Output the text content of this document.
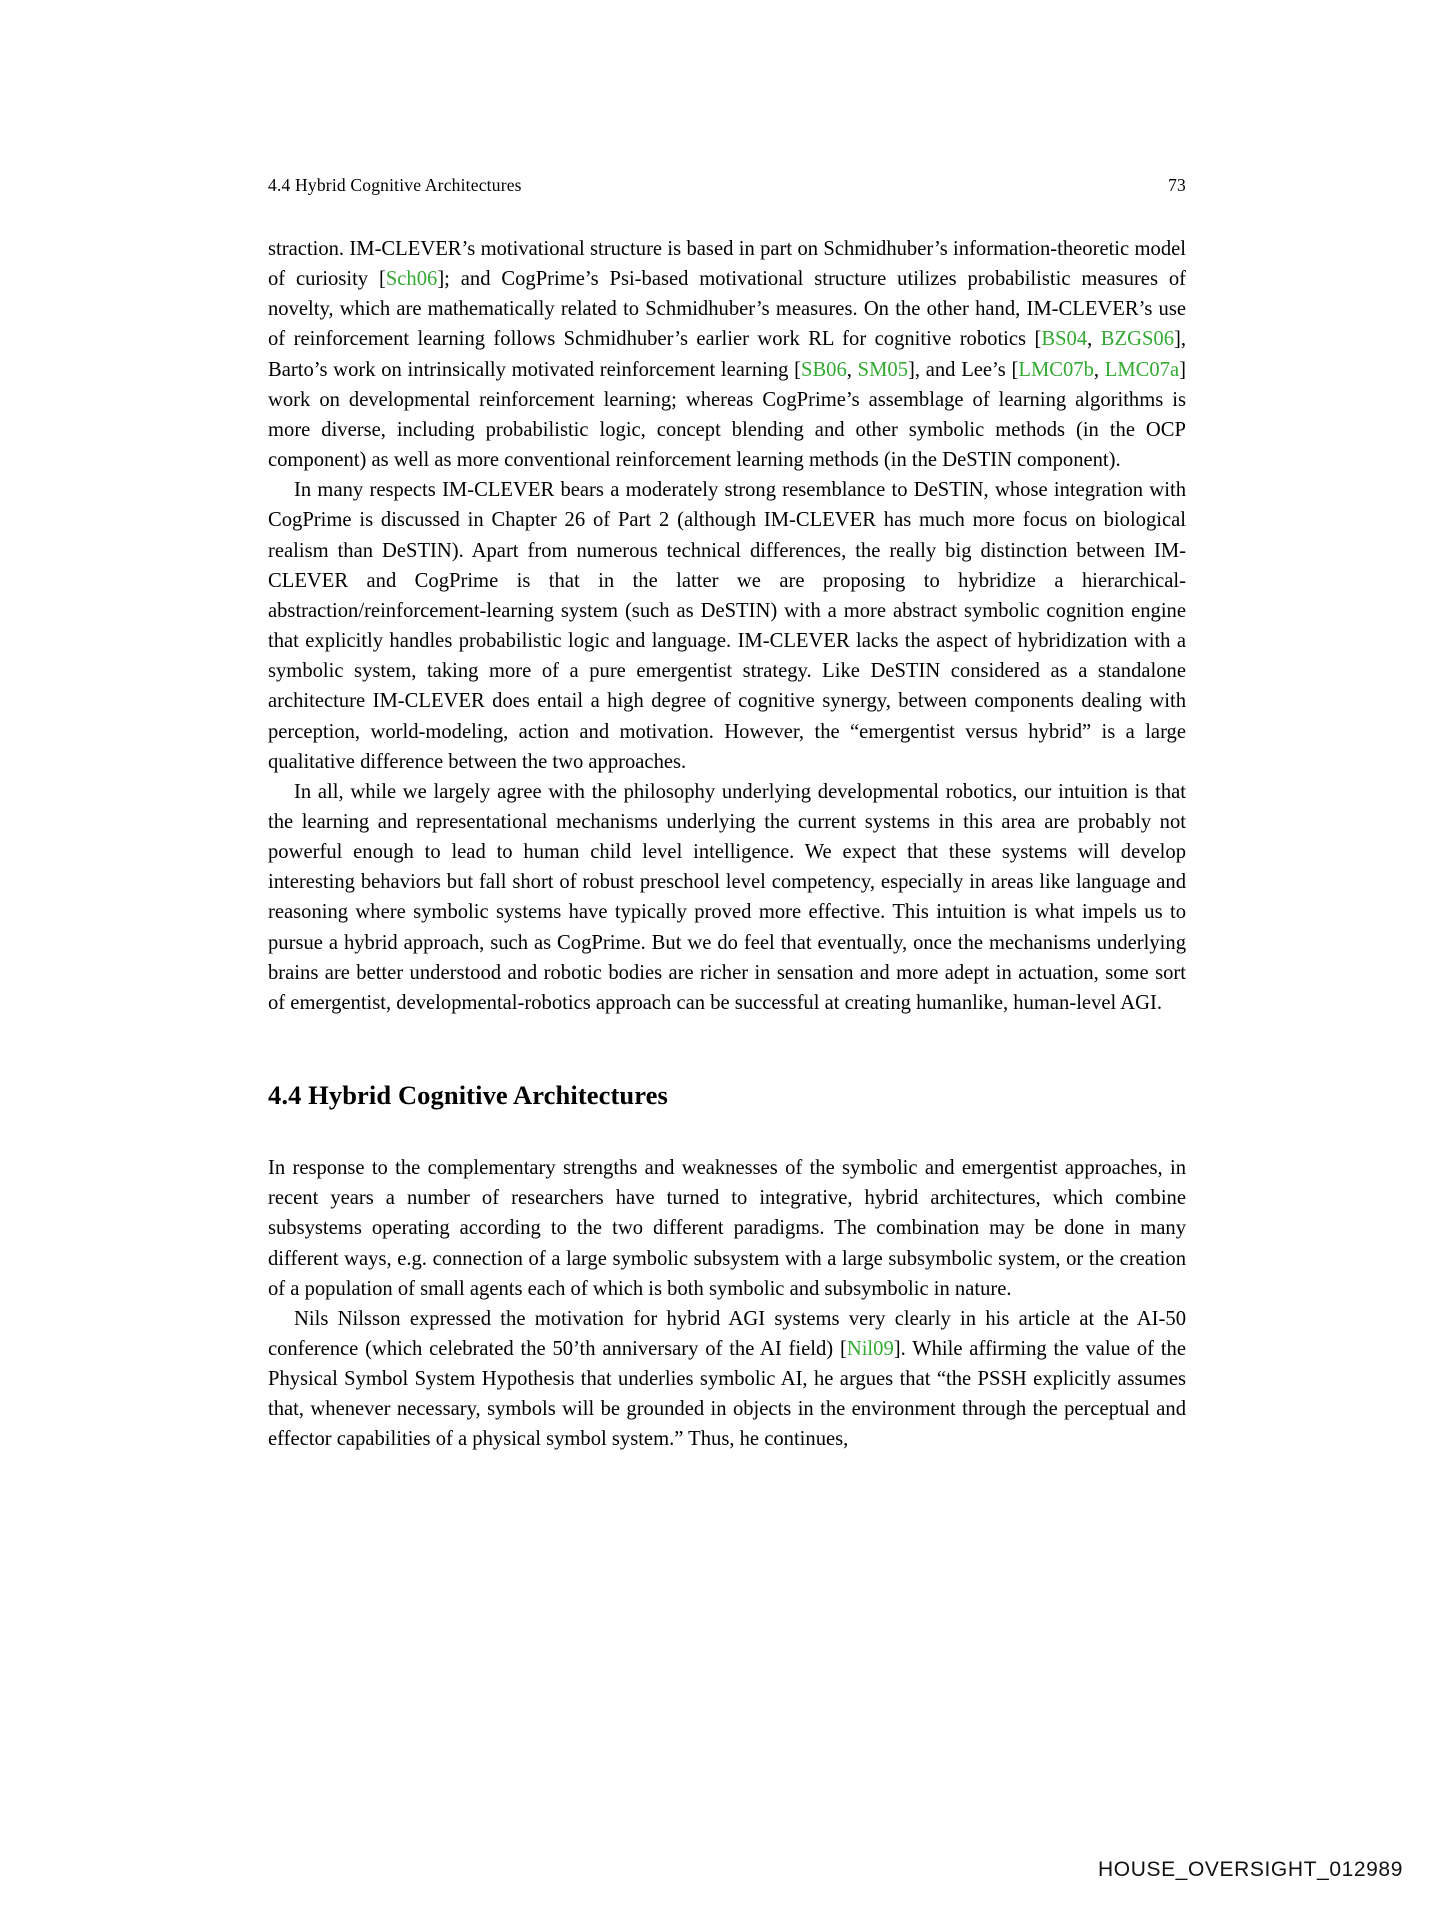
4.4 Hybrid Cognitive Architectures	73

straction. IM-CLEVER’s motivational structure is based in part on Schmidhuber’s information-theoretic model of curiosity [Sch06]; and CogPrime’s Psi-based motivational structure utilizes probabilistic measures of novelty, which are mathematically related to Schmidhuber’s measures. On the other hand, IM-CLEVER’s use of reinforcement learning follows Schmidhuber’s earlier work RL for cognitive robotics [BS04, BZGS06], Barto’s work on intrinsically motivated reinforcement learning [SB06, SM05], and Lee’s [LMC07b, LMC07a] work on developmental reinforcement learning; whereas CogPrime’s assemblage of learning algorithms is more diverse, including probabilistic logic, concept blending and other symbolic methods (in the OCP component) as well as more conventional reinforcement learning methods (in the DeSTIN component).

In many respects IM-CLEVER bears a moderately strong resemblance to DeSTIN, whose integration with CogPrime is discussed in Chapter 26 of Part 2 (although IM-CLEVER has much more focus on biological realism than DeSTIN). Apart from numerous technical differences, the really big distinction between IM-CLEVER and CogPrime is that in the latter we are proposing to hybridize a hierarchical-abstraction/reinforcement-learning system (such as DeSTIN) with a more abstract symbolic cognition engine that explicitly handles probabilistic logic and language. IM-CLEVER lacks the aspect of hybridization with a symbolic system, taking more of a pure emergentist strategy. Like DeSTIN considered as a standalone architecture IM-CLEVER does entail a high degree of cognitive synergy, between components dealing with perception, world-modeling, action and motivation. However, the “emergentist versus hybrid” is a large qualitative difference between the two approaches.

In all, while we largely agree with the philosophy underlying developmental robotics, our intuition is that the learning and representational mechanisms underlying the current systems in this area are probably not powerful enough to lead to human child level intelligence. We expect that these systems will develop interesting behaviors but fall short of robust preschool level competency, especially in areas like language and reasoning where symbolic systems have typically proved more effective. This intuition is what impels us to pursue a hybrid approach, such as CogPrime. But we do feel that eventually, once the mechanisms underlying brains are better understood and robotic bodies are richer in sensation and more adept in actuation, some sort of emergentist, developmental-robotics approach can be successful at creating humanlike, human-level AGI.

4.4 Hybrid Cognitive Architectures

In response to the complementary strengths and weaknesses of the symbolic and emergentist approaches, in recent years a number of researchers have turned to integrative, hybrid architectures, which combine subsystems operating according to the two different paradigms. The combination may be done in many different ways, e.g. connection of a large symbolic subsystem with a large subsymbolic system, or the creation of a population of small agents each of which is both symbolic and subsymbolic in nature.

Nils Nilsson expressed the motivation for hybrid AGI systems very clearly in his article at the AI-50 conference (which celebrated the 50’th anniversary of the AI field) [Nil09]. While affirming the value of the Physical Symbol System Hypothesis that underlies symbolic AI, he argues that “the PSSH explicitly assumes that, whenever necessary, symbols will be grounded in objects in the environment through the perceptual and effector capabilities of a physical symbol system.” Thus, he continues,

HOUSE_OVERSIGHT_012989
